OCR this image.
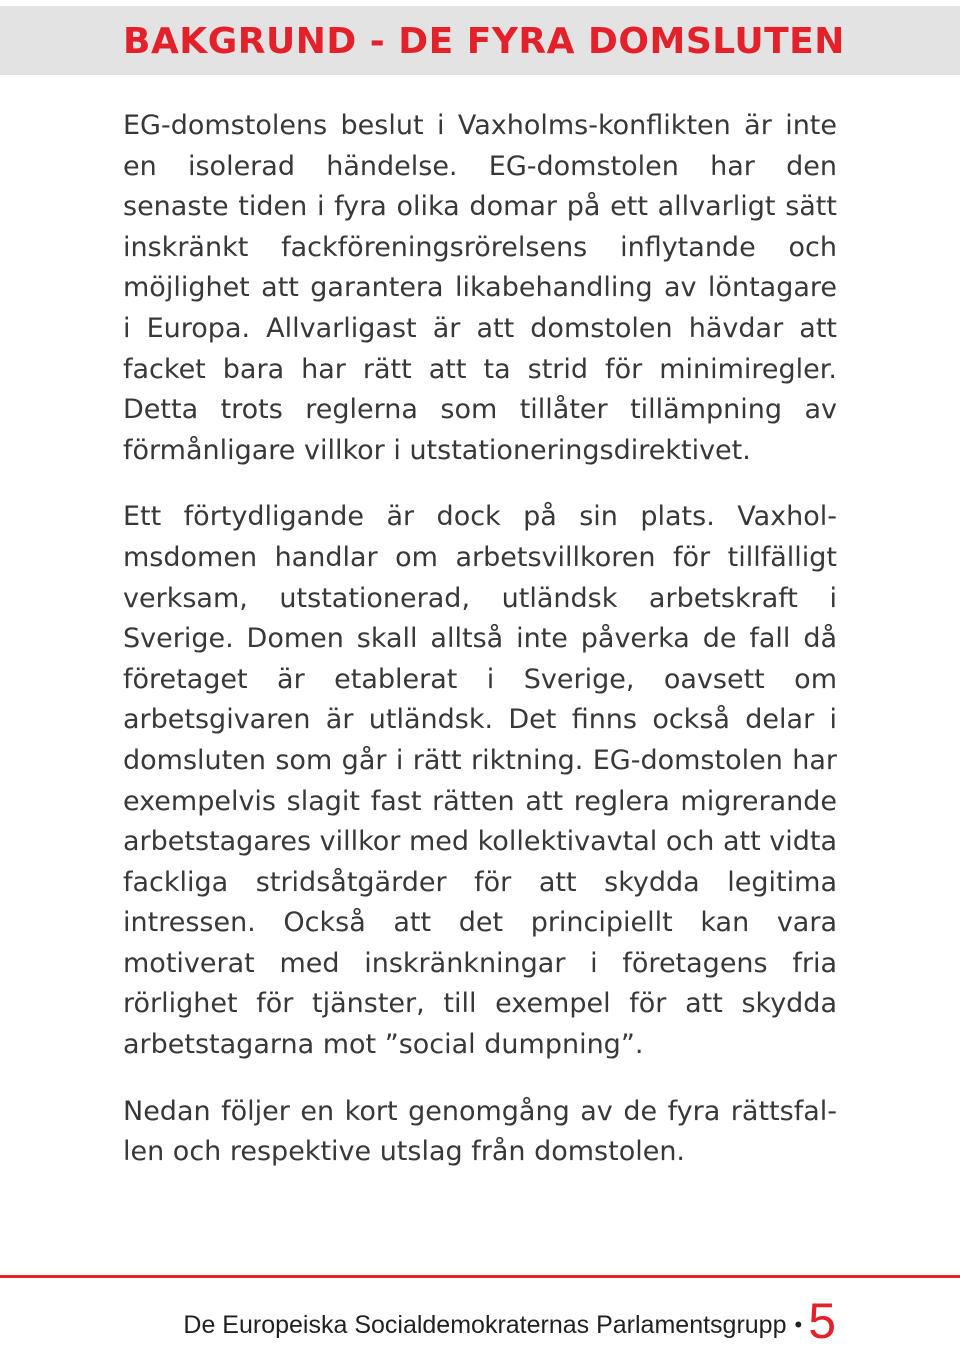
BAKGRUND - DE FYRA DOMSLUTEN

EG-domstolens beslut i Vaxholms-konflikten är inte en isolerad händelse. EG-domstolen har den senaste tiden i fyra olika domar på ett allvarligt sätt inskränkt fackföreningsrörelsens inflytande och möjlighet att garantera likabehandling av löntagare i Europa. Allvarligast är att domstolen hävdar att facket bara har rätt att ta strid för minimiregler. Detta trots reglerna som tillåter tillämpning av förmånligare villkor i utstationeringsdirektivet.

Ett förtydligande är dock på sin plats. Vaxholmsdomen handlar om arbetsvillkoren för tillfälligt verksam, utstationerad, utländsk arbetskraft i Sverige. Domen skall alltså inte påverka de fall då företaget är etablerat i Sverige, oavsett om arbetsgivaren är utländsk. Det finns också delar i domsluten som går i rätt riktning. EG-domstolen har exempelvis slagit fast rätten att reglera migrerande arbetstagares villkor med kollektivavtal och att vidta fackliga stridsåtgärder för att skydda legitima intressen. Också att det principiellt kan vara motiverat med inskränkningar i företagens fria rörlighet för tjänster, till exempel för att skydda arbetstagarna mot ”social dumpning”.

Nedan följer en kort genomgång av de fyra rättsfallen och respektive utslag från domstolen.

De Europeiska Socialdemokraternas Parlamentsgrupp • 5
